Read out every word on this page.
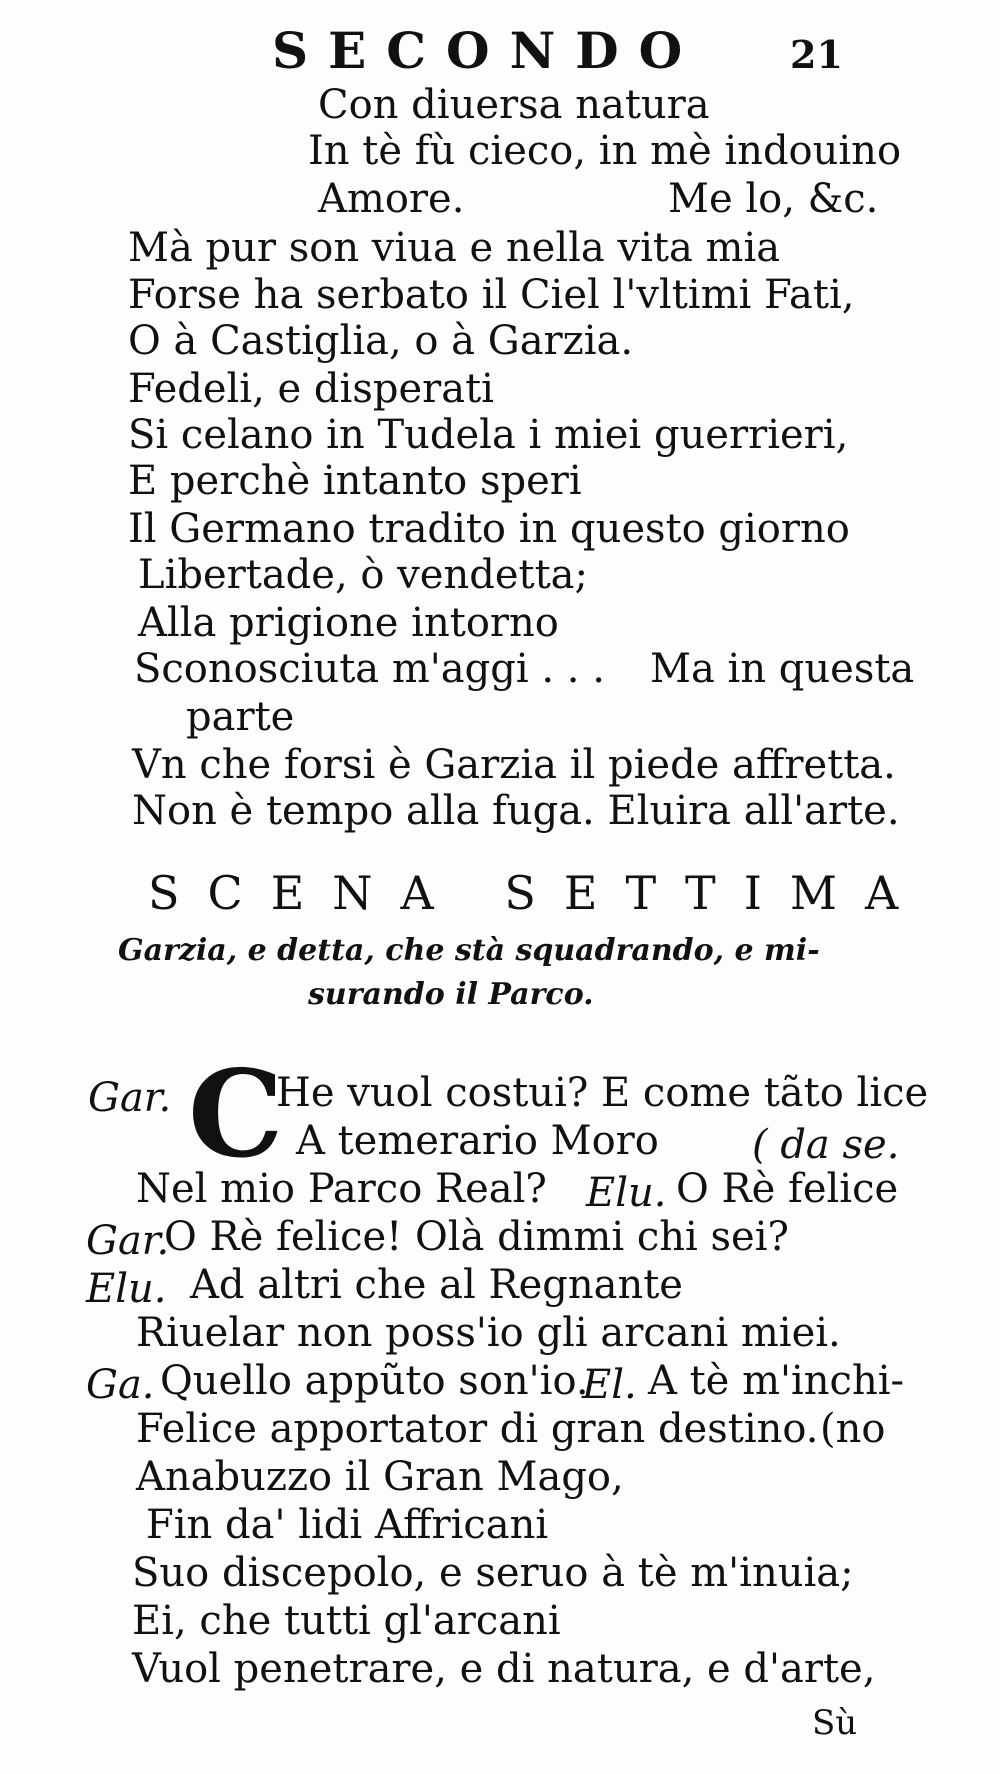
SECONDO 21
Con diuersa natura
In tè fù cieco, in mè indouino
Amore.	Me lo, &c.
Mà pur son viua e nella vita mia
Forse ha serbato il Ciel l'vltimi Fati,
O à Castiglia, o à Garzia.
Fedeli, e disperati
Si celano in Tudela i miei guerrieri,
E perchè intanto speri
Il Germano tradito in questo giorno
Libertade, ò vendetta;
Alla prigione intorno
Sconosciuta m'aggi . . . Ma in questa
parte
Vn che forsi è Garzia il piede affretta.
Non è tempo alla fuga. Eluira all'arte.
SCENA SETTIMA
Garzia, e detta, che stà squadrando, e mi-
surando il Parco.
C
Gar.	He vuol costui? E come tãto lice
A temerario Moro ( da se.
Nel mio Parco Real? Elu. O Rè felice
Gar.
O Rè felice! Olà dimmi chi sei?
Elu. Ad altri che al Regnante
Riuelar non poss'io gli arcani miei.
Ga. Quello appũto son'io.
El. A tè m'inchi-
Felice apportator di gran destino. (no
Anabuzzo il Gran Mago,
Fin da' lidi Affricani
Suo discepolo, e seruo à tè m'inuia;
Ei, che tutti gl'arcani
Vuol penetrare, e di natura, e d'arte,
Sù
